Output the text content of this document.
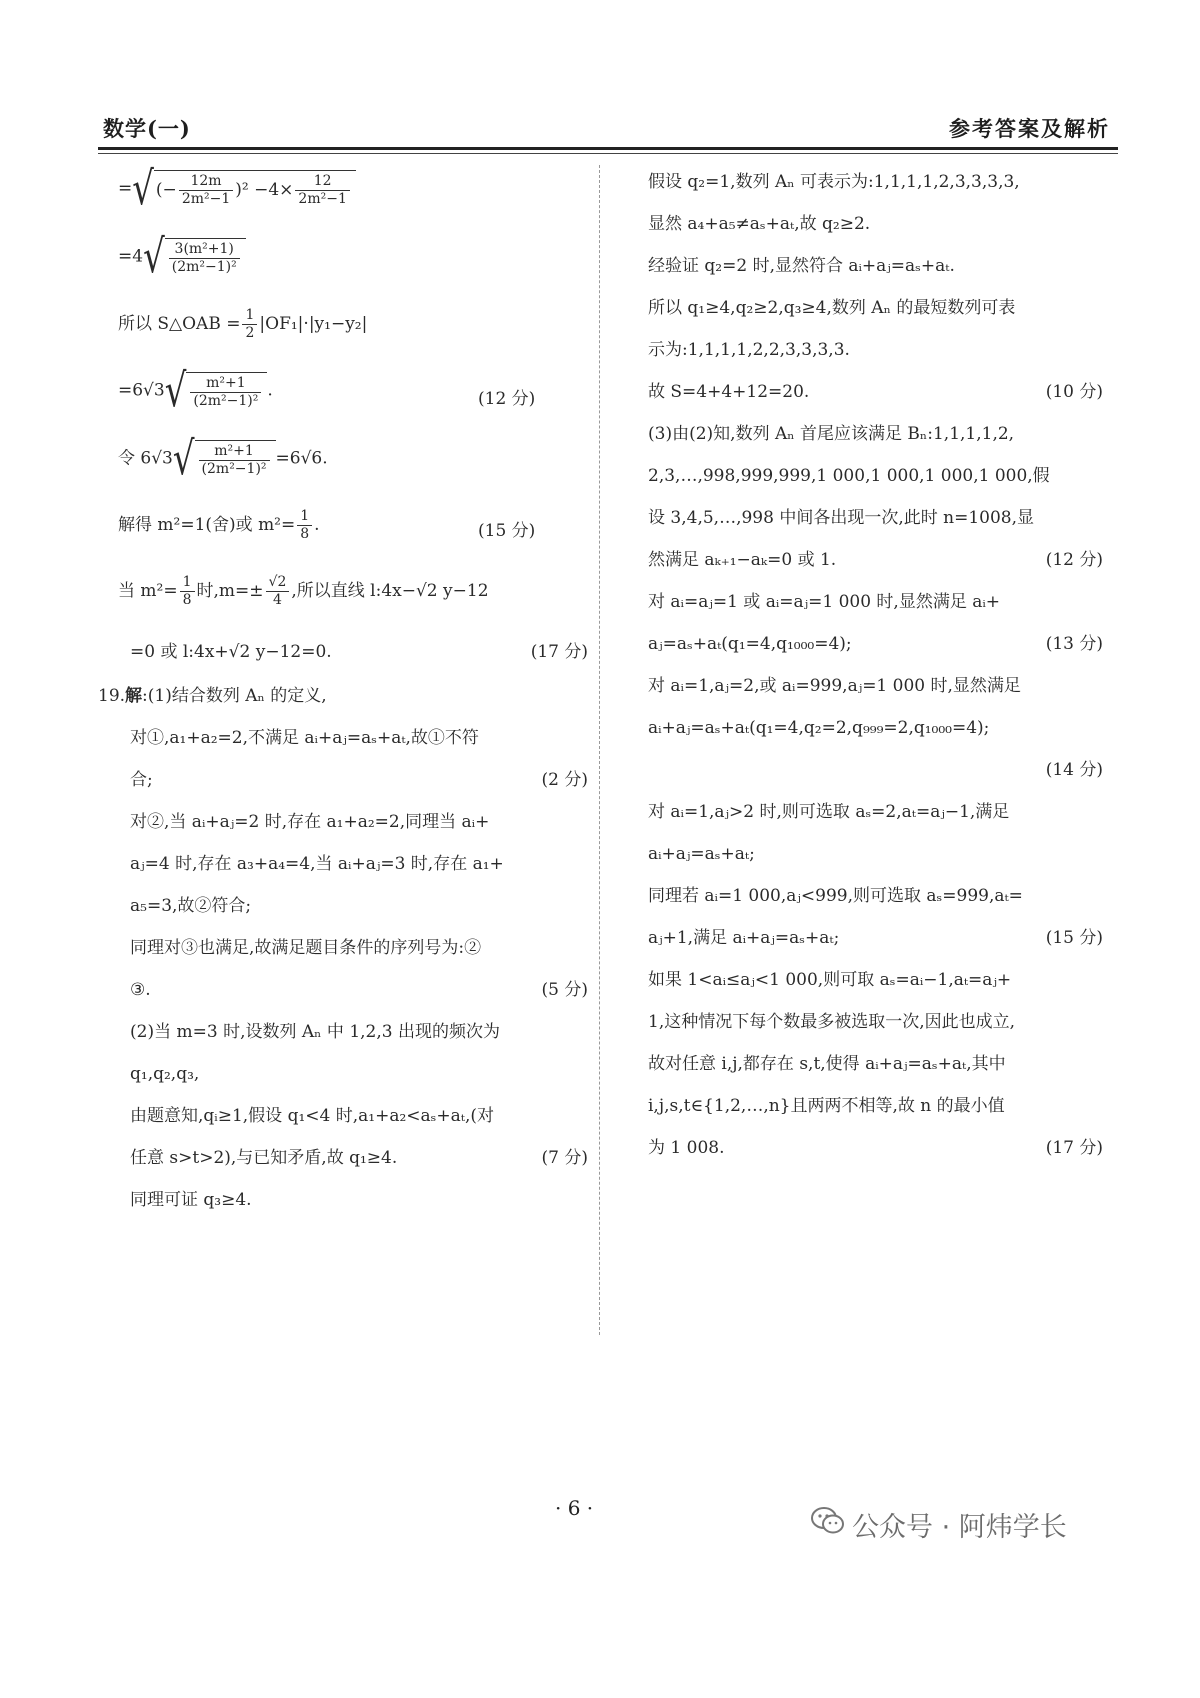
数学(一)	参考答案及解析
=√ (− $\frac{12m}{\text{2m²−1}} )^2 -4\times \frac{12}{\text{2m²−1}}$
$=4√ \frac{\text{3(m²+1)}}{\text{(2m²−1)²}}$
所以 S△OAB = $\frac{1}{2} |OF_1|\cdot|y_1-y_2|$
$=6√3√ \frac{\text{m²+1}}{\text{(2m²−1)²}}$ .	(12 分)
令 $6√3√ \frac{\text{m²+1}}{\text{(2m²−1)²}} =6√6$.
解得 m²=1(舍)或 $m^2= \frac{1}{8}$ .	(15 分)
当 $m^2= \frac{1}{8}$ 时$,m=\pm \frac{√2}{4}$ ,所以直线 l:4x−√2 y−12
=0 或 l:4x+√2 y−12=0.	(17 分)
19.解:(1)结合数列 Aₙ 的定义,
对①,a₁+a₂=2,不满足 aᵢ+aⱼ=aₛ+aₜ,故①不符
合;	(2 分)
对②,当 aᵢ+aⱼ=2 时,存在 a₁+a₂=2,同理当 aᵢ+
aⱼ=4 时,存在 a₃+a₄=4,当 aᵢ+aⱼ=3 时,存在 a₁+
a₅=3,故②符合;
同理对③也满足,故满足题目条件的序列号为:②
③.	(5 分)
(2)当 m=3 时,设数列 Aₙ 中 1,2,3 出现的频次为
q₁,q₂,q₃,
由题意知,qᵢ≥1,假设 q₁<4 时,a₁+a₂<aₛ+aₜ,(对
任意 s>t>2),与已知矛盾,故 q₁≥4.	(7 分)
同理可证 q₃≥4.
假设 q₂=1,数列 Aₙ 可表示为:1,1,1,1,2,3,3,3,3,
显然 a₄+a₅≠aₛ+aₜ,故 q₂≥2.
经验证 q₂=2 时,显然符合 aᵢ+aⱼ=aₛ+aₜ.
所以 q₁≥4,q₂≥2,q₃≥4,数列 Aₙ 的最短数列可表
示为:1,1,1,1,2,2,3,3,3,3.
故 S=4+4+12=20.	(10 分)
(3)由(2)知,数列 Aₙ 首尾应该满足 Bₙ:1,1,1,1,2,
2,3,…,998,999,999,1 000,1 000,1 000,1 000,假
设 3,4,5,…,998 中间各出现一次,此时 n=1008,显
然满足 aₖ₊₁−aₖ=0 或 1.	(12 分)
对 aᵢ=aⱼ=1 或 aᵢ=aⱼ=1 000 时,显然满足 aᵢ+
aⱼ=aₛ+aₜ(q₁=4,q₁₀₀₀=4);	(13 分)
对 aᵢ=1,aⱼ=2,或 aᵢ=999,aⱼ=1 000 时,显然满足
aᵢ+aⱼ=aₛ+aₜ(q₁=4,q₂=2,q₉₉₉=2,q₁₀₀₀=4);
(14 分)
对 aᵢ=1,aⱼ>2 时,则可选取 aₛ=2,aₜ=aⱼ−1,满足
aᵢ+aⱼ=aₛ+aₜ;
同理若 aᵢ=1 000,aⱼ<999,则可选取 aₛ=999,aₜ=
aⱼ+1,满足 aᵢ+aⱼ=aₛ+aₜ;	(15 分)
如果 1<aᵢ≤aⱼ<1 000,则可取 aₛ=aᵢ−1,aₜ=aⱼ+
1,这种情况下每个数最多被选取一次,因此也成立,
故对任意 i,j,都存在 s,t,使得 aᵢ+aⱼ=aₛ+aₜ,其中
i,j,s,t∈{1,2,…,n}且两两不相等,故 n 的最小值
为 1 008.	(17 分)
· 6 ·
公众号 · 阿炜学长
